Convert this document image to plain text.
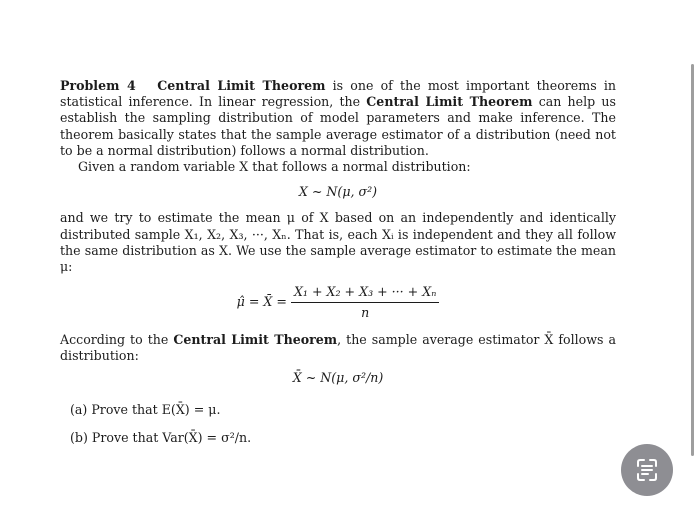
Problem 4 Central Limit Theorem is one of the most important theorems in statistical inference. In linear regression, the Central Limit Theorem can help us establish the sampling distribution of model parameters and make inference. The theorem basically states that the sample average estimator of a distribution (need not to be a normal distribution) follows a normal distribution.

Given a random variable X that follows a normal distribution:

X ~ N(μ, σ²)

and we try to estimate the mean μ of X based on an independently and identically distributed sample X₁, X₂, X₃, ···, Xₙ. That is, each Xᵢ is independent and they all follow the same distribution as X. We use the sample average estimator to estimate the mean μ:

μ̂ = X̄ = $\frac{\text{X₁ + X₂ + X₃ + ··· + Xₙ}}{n}$

According to the Central Limit Theorem, the sample average estimator X̄ follows a distribution:

X̄ ~ N(μ, σ²/n)
(a) Prove that E(X̄) = μ.
(b) Prove that Var(X̄) = σ²/n.
